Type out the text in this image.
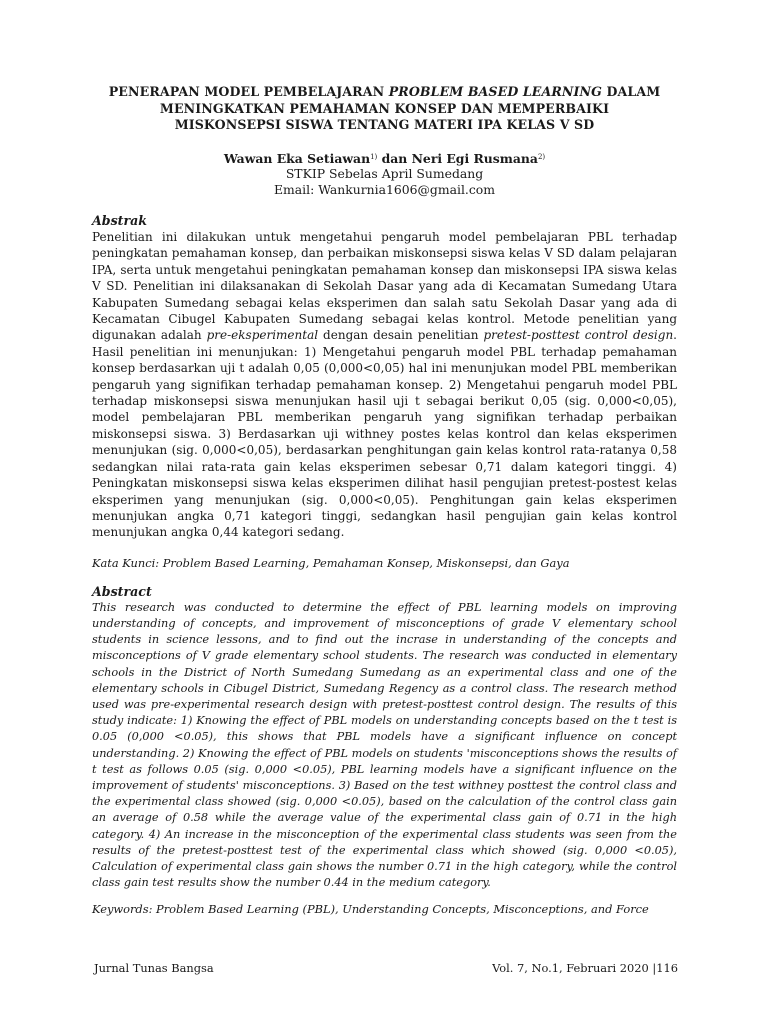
PENERAPAN MODEL PEMBELAJARAN PROBLEM BASED LEARNING DALAM
MENINGKATKAN PEMAHAMAN KONSEP DAN MEMPERBAIKI
MISKONSEPSI SISWA TENTANG MATERI IPA KELAS V SD
Wawan Eka Setiawan$^{1)}$ dan Neri Egi Rusmana$^{2)}$
STKIP Sebelas April Sumedang
Email: Wankurnia1606@gmail.com
Abstrak

Penelitian ini dilakukan untuk mengetahui pengaruh model pembelajaran PBL terhadap peningkatan pemahaman konsep, dan perbaikan miskonsepsi siswa kelas V SD dalam pelajaran IPA, serta untuk mengetahui peningkatan pemahaman konsep dan miskonsepsi IPA siswa kelas V SD. Penelitian ini dilaksanakan di Sekolah Dasar yang ada di Kecamatan Sumedang Utara Kabupaten Sumedang sebagai kelas eksperimen dan salah satu Sekolah Dasar yang ada di Kecamatan Cibugel Kabupaten Sumedang sebagai kelas kontrol. Metode penelitian yang digunakan adalah pre-eksperimental dengan desain penelitian pretest-posttest control design. Hasil penelitian ini menunjukan: 1) Mengetahui pengaruh model PBL terhadap pemahaman konsep berdasarkan uji t adalah 0,05 (0,000<0,05) hal ini menunjukan model PBL memberikan pengaruh yang signifikan terhadap pemahaman konsep. 2) Mengetahui pengaruh model PBL terhadap miskonsepsi siswa menunjukan hasil uji t sebagai berikut 0,05 (sig. 0,000<0,05), model pembelajaran PBL memberikan pengaruh yang signifikan terhadap perbaikan miskonsepsi siswa. 3) Berdasarkan uji withney postes kelas kontrol dan kelas eksperimen menunjukan (sig. 0,000<0,05), berdasarkan penghitungan gain kelas kontrol rata-ratanya 0,58 sedangkan nilai rata-rata gain kelas eksperimen sebesar 0,71 dalam kategori tinggi. 4) Peningkatan miskonsepsi siswa kelas eksperimen dilihat hasil pengujian pretest-postest kelas eksperimen yang menunjukan (sig. 0,000<0,05). Penghitungan gain kelas eksperimen menunjukan angka 0,71 kategori tinggi, sedangkan hasil pengujian gain kelas kontrol menunjukan angka 0,44 kategori sedang.

Kata Kunci: Problem Based Learning, Pemahaman Konsep, Miskonsepsi, dan Gaya
Abstract

This research was conducted to determine the effect of PBL learning models on improving understanding of concepts, and improvement of misconceptions of grade V elementary school students in science lessons, and to find out the incrase in understanding of the concepts and misconceptions of V grade elementary school students. The research was conducted in elementary schools in the District of North Sumedang Sumedang as an experimental class and one of the elementary schools in Cibugel District, Sumedang Regency as a control class. The research method used was pre-experimental research design with pretest-posttest control design. The results of this study indicate: 1) Knowing the effect of PBL models on understanding concepts based on the t test is 0.05 (0,000 <0.05), this shows that PBL models have a significant influence on concept understanding. 2) Knowing the effect of PBL models on students 'misconceptions shows the results of t test as follows 0.05 (sig. 0,000 <0.05), PBL learning models have a significant influence on the improvement of students' misconceptions. 3) Based on the test withney posttest the control class and the experimental class showed (sig. 0,000 <0.05), based on the calculation of the control class gain an average of 0.58 while the average value of the experimental class gain of 0.71 in the high category. 4) An increase in the misconception of the experimental class students was seen from the results of the pretest-posttest test of the experimental class which showed (sig. 0,000 <0.05), Calculation of experimental class gain shows the number 0.71 in the high category, while the control class gain test results show the number 0.44 in the medium category.

Keywords: Problem Based Learning (PBL), Understanding Concepts, Misconceptions, and Force
Jurnal Tunas Bangsa	Vol. 7, No.1, Februari 2020 |116
